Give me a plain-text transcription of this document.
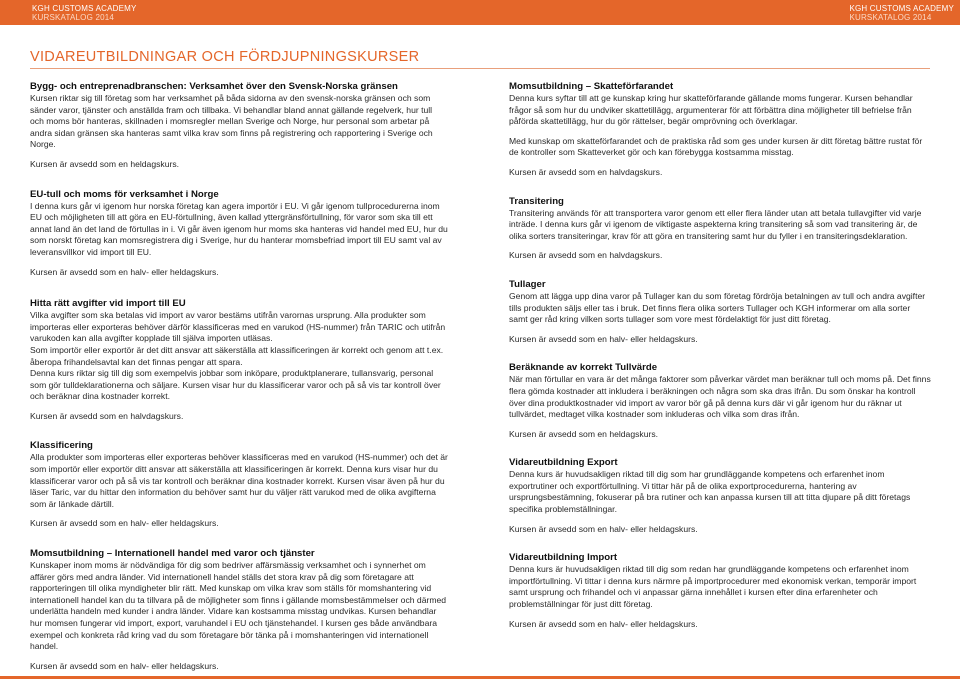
KGH CUSTOMS ACADEMY
KURSKATALOG 2014
KGH CUSTOMS ACADEMY
KURSKATALOG 2014
VIDAREUTBILDNINGAR OCH FÖRDJUPNINGSKURSER
Bygg- och entreprenadbranschen: Verksamhet över den Svensk-Norska gränsen

Kursen riktar sig till företag som har verksamhet på båda sidorna av den svensk-norska gränsen och som sänder varor, tjänster och anställda fram och tillbaka. Vi behandlar bland annat gällande regelverk, hur tull och moms bör hanteras, skillnaden i momsregler mellan Sverige och Norge, hur personal som arbetar på andra sidan gränsen ska hanteras samt vilka krav som finns på registrering och rapportering i Sverige och Norge.

Kursen är avsedd som en heldagskurs.

EU-tull och moms för verksamhet i Norge

I denna kurs går vi igenom hur norska företag kan agera importör i EU. Vi går igenom tullprocedurerna inom EU och möjligheten till att göra en EU-förtullning, även kallad yttergränsförtullning, för varor som ska till ett annat land än det land de förtullas in i. Vi går även igenom hur moms ska hanteras vid handel med EU, hur du som norskt företag kan momsregistrera dig i Sverige, hur du hanterar momsbefriad import till EU samt val av leveransvillkor vid import till EU.

Kursen är avsedd som en halv- eller heldagskurs.

Hitta rätt avgifter vid import till EU

Vilka avgifter som ska betalas vid import av varor bestäms utifrån varornas ursprung. Alla produkter som importeras eller exporteras behöver därför klassificeras med en varukod (HS-nummer) från TARIC och utifrån varukoden kan alla avgifter kopplade till själva importen utläsas.

Som importör eller exportör är det ditt ansvar att säkerställa att klassificeringen är korrekt och genom att t.ex. åberopa frihandelsavtal kan det finnas pengar att spara.

Denna kurs riktar sig till dig som exempelvis jobbar som inköpare, produktplanerare, tullansvarig, personal som gör tulldeklarationerna och säljare. Kursen visar hur du klassificerar varor och på så vis tar kontroll över och beräknar dina kostnader korrekt.

Kursen är avsedd som en halvdagskurs.

Klassificering

Alla produkter som importeras eller exporteras behöver klassificeras med en varukod (HS-nummer) och det är som importör eller exportör ditt ansvar att säkerställa att klassificeringen är korrekt. Denna kurs visar hur du klassificerar varor och på så vis tar kontroll och beräknar dina kostnader korrekt. Kursen visar även på hur du läser Taric, var du hittar den information du behöver samt hur du väljer rätt varukod med de olika avgifterna som är länkade därtill.

Kursen är avsedd som en halv- eller heldagskurs.

Momsutbildning – Internationell handel med varor och tjänster

Kunskaper inom moms är nödvändiga för dig som bedriver affärsmässig verksamhet och i synnerhet om affärer görs med andra länder. Vid internationell handel ställs det stora krav på dig som företagare att rapporteringen till olika myndigheter blir rätt. Med kunskap om vilka krav som ställs för momshantering vid internationell handel kan du ta tillvara på de möjligheter som finns i gällande momsbestämmelser och därmed underlätta handeln med kunder i andra länder. Vidare kan kostsamma misstag undvikas. Kursen behandlar hur momsen fungerar vid import, export, varuhandel i EU och tjänstehandel. I kursen ges både användbara exempel och konkreta råd kring vad du som företagare bör tänka på i momshanteringen vid internationell handel.

Kursen är avsedd som en halv- eller heldagskurs.

Momsutbildning – Skatteförfarandet

Denna kurs syftar till att ge kunskap kring hur skatteförfarande gällande moms fungerar. Kursen behandlar frågor så som hur du undviker skattetillägg, argumenterar för att förbättra dina möjligheter till befrielse från påförda skattetillägg, hur du gör rättelser, begär omprövning och överklagar.

Med kunskap om skatteförfarandet och de praktiska råd som ges under kursen är ditt företag bättre rustat för de kontroller som Skatteverket gör och kan förebygga kostsamma misstag.

Kursen är avsedd som en halvdagskurs.

Transitering

Transitering används för att transportera varor genom ett eller flera länder utan att betala tullavgifter vid varje inträde. I denna kurs går vi igenom de viktigaste aspekterna kring transitering så som vad transitering är, de olika sorters transiteringar, krav för att göra en transitering samt hur du fyller i en transiteringsdeklaration.

Kursen är avsedd som en halvdagskurs.

Tullager

Genom att lägga upp dina varor på Tullager kan du som företag fördröja betalningen av tull och andra avgifter tills produkten säljs eller tas i bruk. Det finns flera olika sorters Tullager och KGH informerar om alla sorter samt ger råd kring vilken sorts tullager som vore mest fördelaktigt för just ditt företag.

Kursen är avsedd som en halv- eller heldagskurs.

Beräknande av korrekt Tullvärde

När man förtullar en vara är det många faktorer som påverkar värdet man beräknar tull och moms på. Det finns flera gömda kostnader att inkludera i beräkningen och några som ska dras ifrån. Du som önskar ha kontroll över dina produktkostnader vid import av varor bör gå på denna kurs där vi går igenom hur du räknar ut tullvärdet, medtaget vilka kostnader som inkluderas och vilka som dras ifrån.

Kursen är avsedd som en heldagskurs.

Vidareutbildning Export

Denna kurs är huvudsakligen riktad till dig som har grundläggande kompetens och erfarenhet inom exportrutiner och exportförtullning. Vi tittar här på de olika exportprocedurerna, hantering av ursprungsbestämning, fokuserar på bra rutiner och kan anpassa kursen till att titta djupare på ditt företags specifika problemställningar.

Kursen är avsedd som en halv- eller heldagskurs.

Vidareutbildning Import

Denna kurs är huvudsakligen riktad till dig som redan har grundläggande kompetens och erfarenhet inom importförtullning. Vi tittar i denna kurs närmre på importprocedurer med ekonomisk verkan, temporär import samt ursprung och frihandel och vi anpassar gärna innehållet i kursen efter dina erfarenheter och problemställningar för just ditt företag.

Kursen är avsedd som en halv- eller heldagskurs.
